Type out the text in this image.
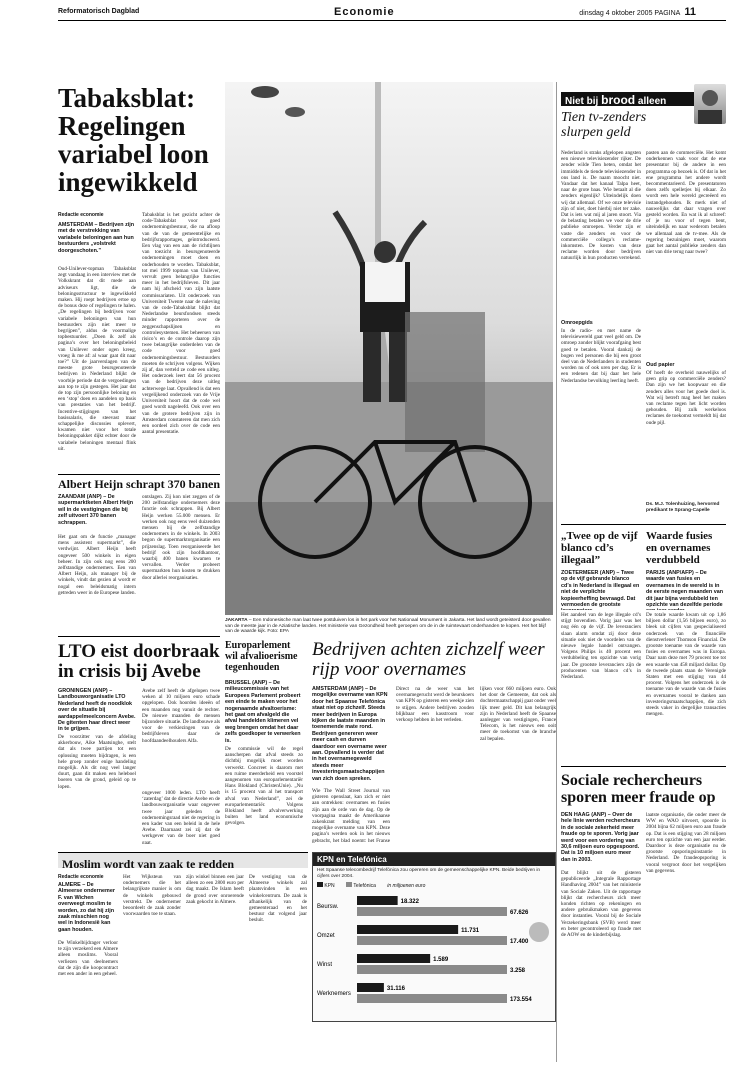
Reformatorisch Dagblad	Economie	dinsdag 4 oktober 2005 PAGINA 11
Tabaksblat: Regelingen variabel loon ingewikkeld
Redactie economie
AMSTERDAM – Bedrijven zijn met de verstrekking van variabele beloningen aan hun bestuurders „volstrekt doorgeschoten.”
Oud-Unilever-topman Tabaksblat zegt vandaag in een interview met de Volkskrant dat dit mede aan adviseurs ligt, die de beloningsstructuur te ingewikkeld maken. Hij roept bedrijven ertoe op de bonus deze of regelingen te halen. „De regelingen bij bedrijven voor variabele beloningen van hun bestuurders zijn niet meer te begrijpen”, aldus de voormalige topbestuurder. „Doen ik zelf als pagina’s over het beloningsbeleid van Unilever onder ogen kreeg, vroeg ik me af: al waar gaat dit naar toe?” Uit de jaarverslagen van de meeste grote beursgenoteerde bedrijven in Nederland blijkt de voorbije periode dat de vergoedingen aan top te zijn gestegen. Het jaar dat de top zijn persoonlijke beloning en een ‘stop’ doen en aandelen op basis van prestaties van het bedrijf. Incentive-stijgingen van het basissalaris, die steevast maar schappelijke discussies oplevert, kwamen niet voor het totale beloningspakket dijkt echter door de variabele beloningen mentaal flink uit.
Tabaksblat is het gezicht achter de code-Tabaksblat voor goed ondernemingsbestuur, die na afloop van de van de gemeentelijke en bedrijfsrapportages, geïntroduceerd. Een vlag van een aan de richtlijnen van toezicht in beursgenoteerde ondernemingen moet doen en onderhouden te worden. Tabaksblat, tot mei 1999 topman van Unilever, vervult geen belangrijke functies meer in het bedrijfsleven. Dit jaar nam hij afscheid van zijn laatste commissariaten. Uit onderzoek van Universiteit Twente naar de naleving van de code-Tabaksblat blijkt dat Nederlandse beursfondsen steeds minder rapporteren over de zeggenschapslijnen en controlesystemen. Het beheersen van risico’s en de controle daarop zijn twee belangrijke onderdelen van de code voor goed ondernemingsbestuur. Bestuurders moeten de schrijven volgens. Wijken zij af, dan verteld ze code een uitleg. Het onderzoek leert dat 56 procent van de bedrijven deze uitleg achterwege laat. Opvallend is dat een vergelijkend onderzoek van de Vrije Universiteit hoort dat de code wel goed wordt nageleefd. Ook over een van de grotere bedrijven zijn in Amsterdam constateren dat men zich een oordeel zich over de code een aantal presentatie.
JAKARTA – Een Indonesische man laat twee postduiven los in het park voor het Nationaal Monument in Jakarta. Het land wordt geteisterd door gevallen van de meeste jaar in de Aziatische landen. Het ministerie van Gezondheid heeft geroepen om de in de ruimtevaart onderhanden te kopen. Het het blijf van de waarde kijk. Foto: EPA
Niet bij brood alleen
Tien tv-zenders slurpen geld
Nederland is straks afgelopen angsten een nieuwe televisiezender rijker. De zender wilde Tien heten, omdat het immiddels de tiende televisiezender in ons land is. De naam moocht niet. Vandaar dat het kanaal Talpa heet, naar de grote baas. Wie betaalt al die zenders eigenlijk? Uiteindelijk doen wij dat allemaal. Of we onze televisie zijn of niet, doet hierbij niet ter zake. Dat is iets wat mij al jaren stoort. Via de belasting betalen we voor de drie publieke omroepen. Verder zijn er vaste die zenders en voor de commerciële collega’s reclame-inkomsten. De kosten van deze reclame worden door bedrijven natuurlijk in hun producten verrekend.
Omroepgids
In de radio- en met name de televisiewereld gaat veel geld om. De omroep zonder blijkt voorafgaing best goed te betalen. Vooral dankzij de bogen ved personen die bij een groot deel van de Nederlanders in studenten worden nu of ook uren per dag. Er is een redenen dat bij daar het hele Nederlandse bevolking leerling heeft.
pasten aan de commerciële. Het komt onderkennen vaak voor dat de ene presentator bij de andere in een programma op bezoek is. Of dat in het ene programma het andere wordt becommentarieerd. De presentatoren doen zelfs spelletjes bij elkaar. Zo wordt een hele wereld gecreëerd en instandgehouden. Ik merk niet of nauwelijks dat daar vragen over gesteld worden. En wat ik al schreef: of je nu voor of tegen bent, uiteindelijk en naar wederom betalen we allemaal aan de tv-mee. Als de regering bezuinigen moet, waarom gaat het aantal publieke zenders dan niet van drie terug naar twee?
Oud papier
Of hoeft de overheid nauwelijks of geen grip op commerciële zenders? Dan zijn we het koopwaar en die zenders alles voor het goede doel is. Wat wij betreft mag heel het maken van reclame tegen het licht worden gehouden. Bij zulk werkeloos reclames de toekomst vermeldt bij dat oude pijl.
Ds. M.J. Tolenhuizing, hervormd predikant te Sprang-Capelle
Albert Heijn schrapt 370 banen
ZAANDAM (ANP) – De supermarktketen Albert Heijn wil in de vestigingen die bij zelf uitvoert 370 banen schrappen.
Het gaat om de functie „manager mens assistent supermarkt”, die verdwijnt. Albert Heijn heeft ongeveer 500 winkels in eigen beheer. In zijn ook nog eens 200 zelfstandige ondernemers. Een van Albert Heijn, als manager bij de winkels, vindt dat gezien al wordt er nogal een beleidsmatig intern getreden weer in de Europese landen.
ontslagen. Zij kon niet zeggen of de 200 zelfstandige ondernemers deze functie ook schrappen. Bij Albert Heijn werken 55.000 mensen. Er werken ook nog eens veel duizenden mensen bij de zelfstandige ondernemers in de winkels. In 2003 begon de supermarktorganisatie een prijzenslag. Toen reorganiseerde het bedrijf ook zijn hoofdkantoor, waarbij 400 banen kwamen te vervallen. Verder probeert supermarkten hun kosten te drukken door allerlei reorganisaties.
„Twee op de vijf blanco cd’s illegaal”
ZOETERMEER (ANP) – Twee op de vijf gebrande blanco cd’s in Nederland is illegaal en niet de verplichte kopieerheffing bevraagd. Dat vermoeden de grootste
Het aandeel van de lege illegale cd’s stijgt bovendien. Vorig jaar was het nog één op de vijf. De leveranciers slaan alarm omdat zij door deze situatie ook niet de voordelen van de nieuwe legale handel ontvangen. Volgens Philips is 40 procent een verdubbeling ten opzichte van vorig jaar. De grootste leveranciers zijn de producenten van blanco cd’s in Nederland.
Waarde fusies en overnames verdubbeld
PARIJS (ANP/AFP) – De waarde van fusies en overnames in de wereld is in de eerste negen maanden van dit jaar bijna verdubbeld ten opzichte van dezelfde periode
De totale waarde kwam uit op 1,86 biljoen dollar (1,56 biljoen euro), zo bleek uit cijfers van gespecialiseerd onderzoek van de financiële dienstverlener Thomson Financial. De grootste toename van de waarde van fusies en overnames was in Europa. Daar nam deze met 79 procent toe tot een waarde van 458 miljard dollar. Op de tweede plaats staan de Verenigde Staten met een stijging van 44 procent. Volgens het onderzoek is de toename van de waarde van de fusies en overnames vooral te danken aan investeringsmaatschappijen, die zich steeds vaker in dergelijke transacties mengen.
LTO eist doorbraak in crisis bij Avebe
GRONINGEN (ANP) – Landbouworganisatie LTO Nederland heeft de noodklok over de situatie bij aardappelmeelconcern Avebe. De gitenten haar direct weer in te grijpen.
De voorzitter van de afdeling akkerbouw, Aike Maatsinghe, stelt dat als twee partijen tot een oplossing moeten bijdragen, is een hele groep zonder enige handeling mogelijk. Als dit nog veel langer duurt, gaan dit maken een heleboel boeren van de grond, geleid op te lopen.
Avebe zelf heeft de afgelopen twee weken al 10 miljoen euro schade opgelopen. Ook hoorden ideeën of een maanden nog vanuit de rechter. De nieuwe maanden de mensen bijzondere situatie. De landbouwe als voor de verkiezingen van de bedrijfsleven daar de hoofdaandeelhouders Alfa.
ongeveer 1000 leden. LTO heeft ‘zaterdag’ dat de directie Avebe en de landbouworganisatie waar ongeveer twee jaar geleden de ondernemingsraad niet de regering in een kader van een beleid in de hele Avebe. Daarnaast zei zij dat de werkgever van de boer niet goed gaat.
Europarlement wil afvalioerisme tegenhouden
BRUSSEL (ANP) – De milieucommissie van het Europees Parlement probeert een einde te maken voor het nogenaamde afvaltoerisme: het gaat om afvalgeld die afval handelden klimeren vel weg brengen omdat het daar zelfs goedkoper te verwerken is.
De commissie wil de regel aanscherpen dat afval steeds zo dichtbij mogelijk moet worden verwerkt. Concreet is daarom met een ruime meerderheid een voorstel aangenomen van europarlementariër Hans Blokland (ChristenUnie). „Nu is 15 procent van al het transport afval van Nederland”, zei de europarlementariër. Volgens Blokland heeft afvalverwerking buiten het land economische gevolgen.
Bedrijven achten zichzelf weer rijp voor overnames
AMSTERDAM (ANP) – De mogelijke overname van KPN door het Spaanse Telefónica staat niet op zichzelf. Steeds meer bedrijven in Europa kijken de laatste maanden in toenemende mate rond. Bedrijven genereren weer meer cash en durven daardoor een overname weer aan. Opvallend is verder dat in het overnamegeweld steeds meer investeringsmaatschappijen van zich doen spreken.
Wie The Wall Street Journal van gisteren openslaat, kan zich er niet aan ontrekken: overnames en fusies zijn aan de orde van de dag. Op de voorpagina maakt de Amerikaanse zakenkrant melding van een mogelijke overname van KPN. Deze pagina’s werden ook in het nieuws gebracht, het blad noemt: het Franse
Direct na de weer van het overnamegerucht werd de beurskoers van KPN op gisteren een weekje zien te stijgen. Andere bedrijven zouden blijkbaar een kasstroom voor verkoop hebben in het verleden.
lijken voor 660 miljoen euro. Ook het door de Gemeente, dat ook als dochtermaatschappij gaat onder veel lijk meer geld. Dit kan belangrijk zijn in Nederland heeft de Spaanse aanlegger van vestigingen, France Telecom, is het nieuws een ooit meer de toekomst van de branche zal bepalen.
Sociale rechercheurs sporen meer fraude op
DEN HAAG (ANP) – Over de hele linie werden rechercheurs in de sociale zekerheid meer fraude op te sporen. Vorig jaar werd voor een vordering van 30,6 miljoen euro opgespoord. Dat is 10 miljoen euro meer dan in 2003.
Dat blijkt uit de gisteren gepubliceerde „Integrale Rapportage Handhaving 2004” van het ministerie van Sociale Zaken. Uit de rapportage blijkt dat rechercheurs zich meer konden richten op rekeningen en andere gebruikmaken van gegevens door instanties. Vooral bij de Sociale Verzekeringsbank (SVB) werd meer en beter gecontroleerd op fraude met de AOW en de kinderbijslag.
laatste organisatie, die onder meer de WW en WAO uitvoert, spoorde in 2004 bijna 62 miljoen euro aan fraude op. Dat is een stijging van 28 miljoen euro ten opzichte van een jaar eerder. Daardoor is deze organisatie nu de grootste opsporingsinstantie in Nederland. De fraudeopsporing is vooral vergroot door het vergelijken van gegevens.
Moslim wordt van zaak te redden
Redactie economie
ALMERE – De Almeerse ondernemer F. van Wichen overweegt moslim te worden, zo dat hij zijn zaak misschien nog wel in Indonesië kan gaan houden.
De Winkelbijdrager verloor te zijn verzekerd een Almere alleen moslims. Vooral verliezen van deelnemers dat de zijn die koopcontract met een ander in een geheel.
Het Wijksteun van ondernemers die het belangrijkste manier is om de winkels gebouwd verstrekt. De ondernemer beoordeelt de zaak zonder voorwaarden toe te staan.
zijn winkel binnen een jaar alleen zo een 2800 euro per dag maakt. De Islam heeft de grond over onroerende zaak gekocht in Almere.
De vestiging van de Almeerse winkels zal plaatsvinden in een winkelcentrum. De zaak is afhankelijk van de gemeenteraad en het bestuur dat volgend jaar besluit.
KPN en Telefónica
Het Spaanse telecombedrijf Telefónica zou opereren om de gemeenschappelijke KPN. Beide bedrijven in cijfers over 2004.
KPN	Telefónica in miljoenen euro
Beursw.
18.322
67.626
Omzet
11.731
17.400
Winst
1.589
3.258
Werknemers
31.116
173.554
